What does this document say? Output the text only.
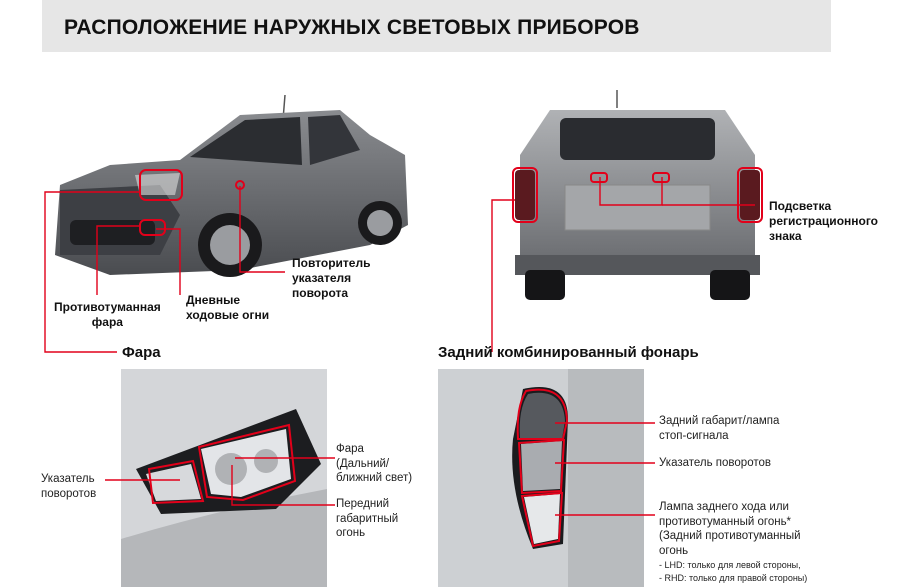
РАСПОЛОЖЕНИЕ НАРУЖНЫХ СВЕТОВЫХ ПРИБОРОВ
Повторитель
указателя
поворота
Противотуманная
фара
Дневные
ходовые огни
Подсветка
регистрационного
знака
Фара	Задний комбинированный фонарь
Указатель
поворотов
Фара
(Дальний/
ближний свет)
Передний
габаритный
огонь
Задний габарит/лампа
стоп-сигнала
Указатель поворотов
Лампа заднего хода или
противотуманный огонь*
(Задний противотуманный
огонь
- LHD: только для левой стороны,
- RHD: только для правой стороны)
